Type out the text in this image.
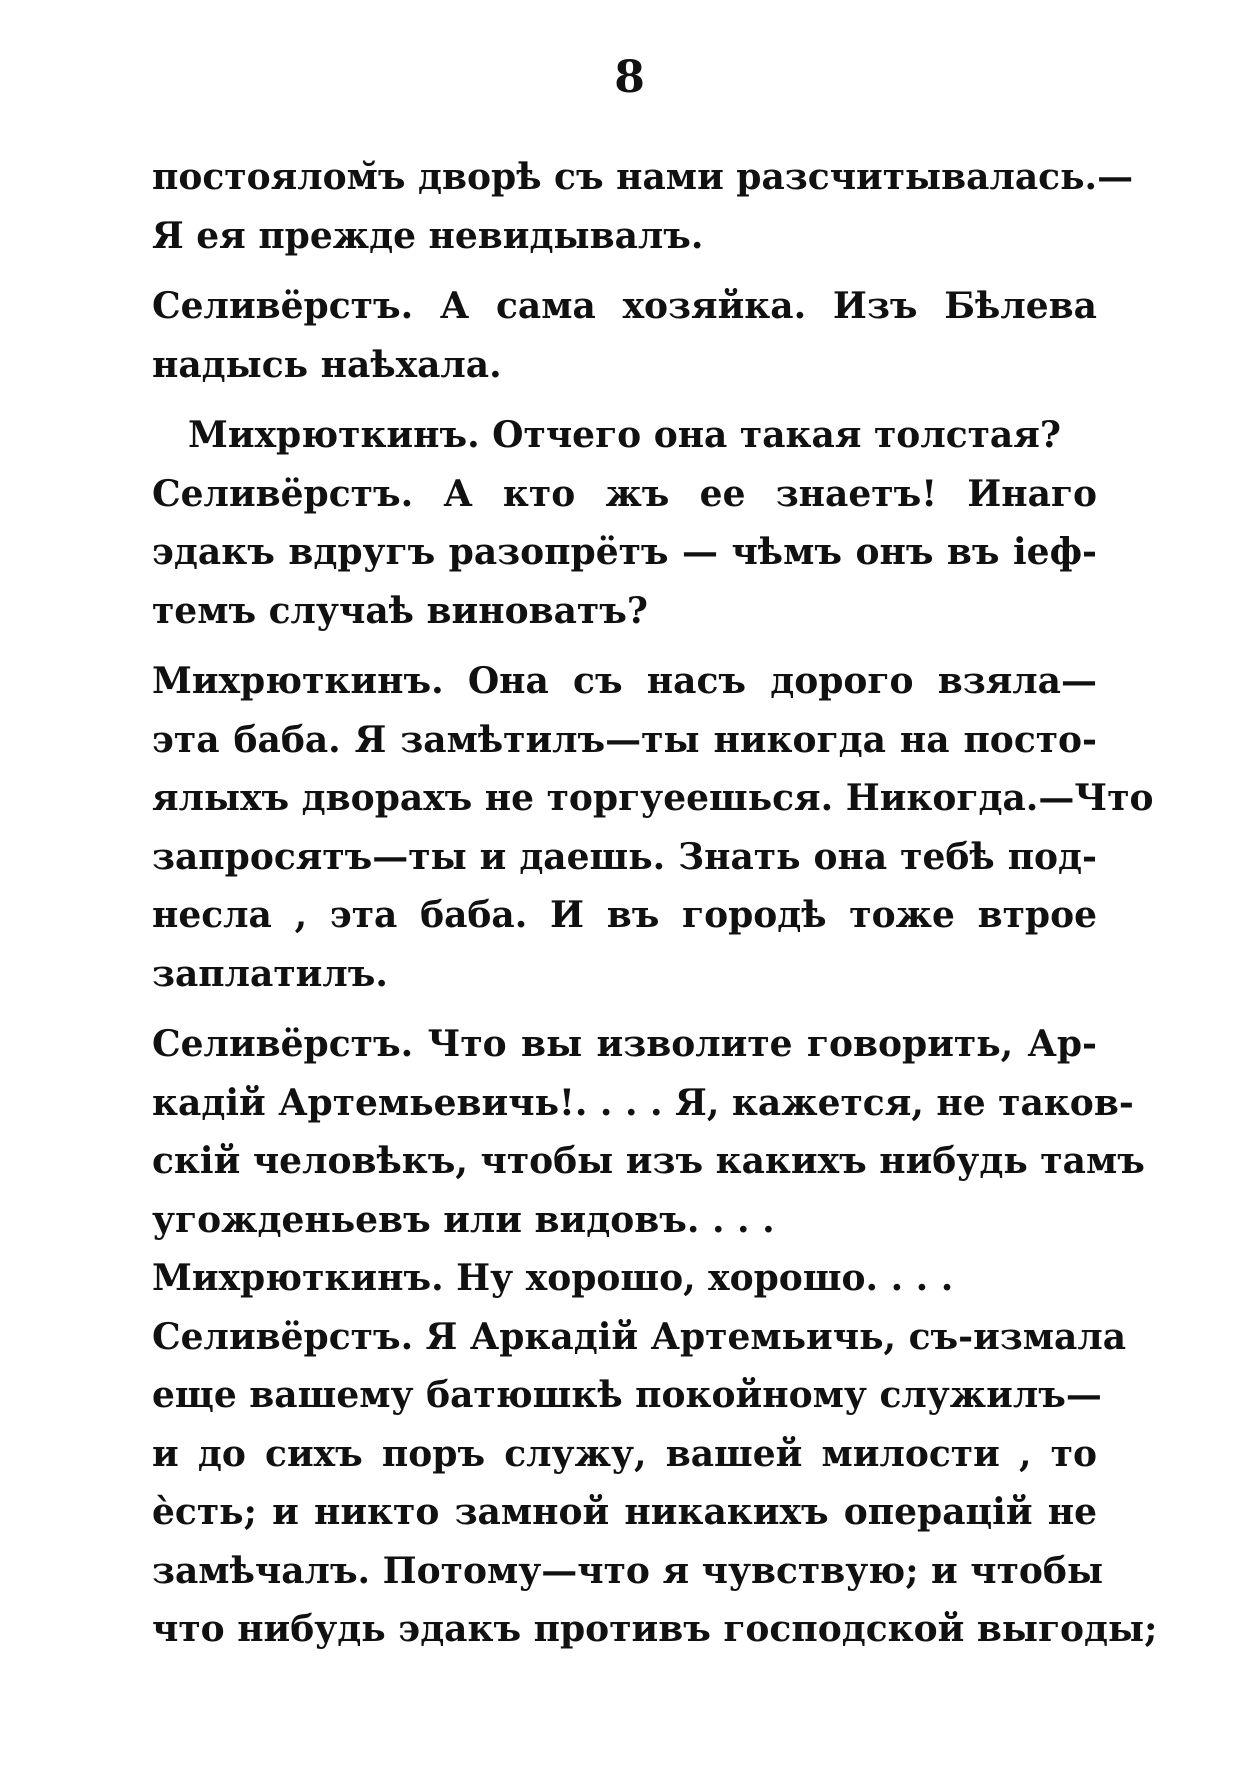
8
постоялом̆ъ дворѣ съ нами разсчитывалась.—
Я ея прежде невидывалъ.
Селивёрстъ. А сама хозяйка. Изъ Бѣлева
надысь наѣхала.
Михрюткинъ. Отчего она такая толстая?
Селивёрстъ. А кто жъ ее знаетъ! Инаго
эдакъ вдругъ разопрётъ — чѣмъ онъ въ іеф-
темъ случаѣ виноватъ?
Михрюткинъ. Она съ насъ дорого взяла—
эта баба. Я замѣтилъ—ты никогда на посто-
ялыхъ дворахъ не торгуеешься. Никогда.—Что
запросятъ—ты и даешь. Знать она тебѣ под-
несла , эта баба. И въ городѣ тоже втрое
заплатилъ.
Селивёрстъ. Что вы изволите говорить, Ар-
кадій Артемьевичь!. . . . Я, кажется, не таков-
скій человѣкъ, чтобы изъ какихъ нибудь тамъ
угожденьевъ или видовъ. . . .
Михрюткинъ. Ну хорошо, хорошо. . . .
Селивёрстъ. Я Аркадій Артемьичь, съ-измала
еще вашему батюшкѣ покойному служилъ—
и до сихъ поръ служу, вашей милости , то
ѐсть; и никто замной никакихъ операцій не
замѣчалъ. Потому—что я чувствую; и чтобы
что нибудь эдакъ противъ господской выгоды;
